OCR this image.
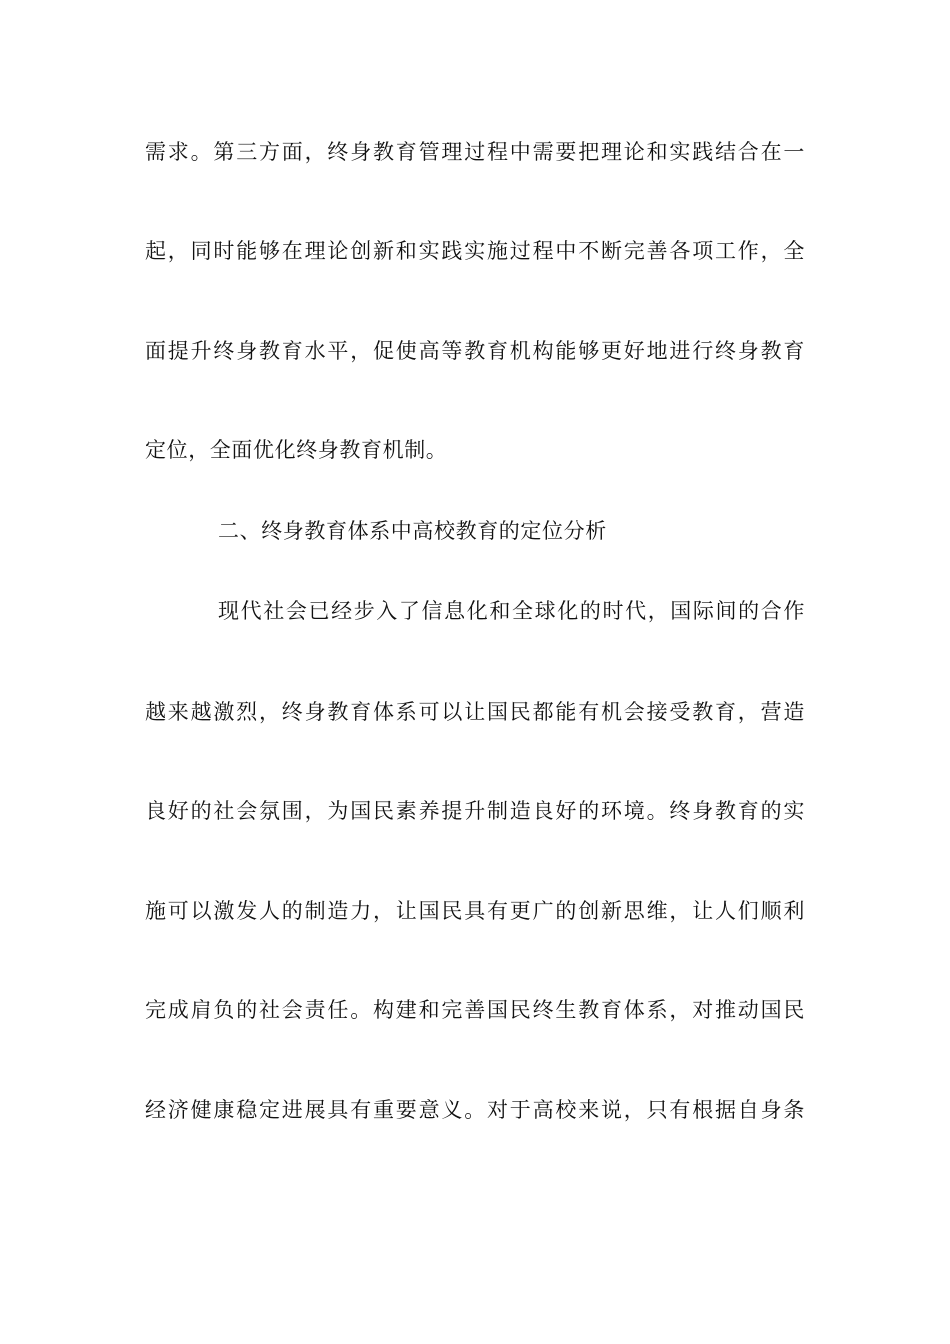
需求。第三方面，终身教育管理过程中需要把理论和实践结合在一
起，同时能够在理论创新和实践实施过程中不断完善各项工作，全
面提升终身教育水平，促使高等教育机构能够更好地进行终身教育
定位，全面优化终身教育机制。
二、终身教育体系中高校教育的定位分析
现代社会已经步入了信息化和全球化的时代，国际间的合作
越来越激烈，终身教育体系可以让国民都能有机会接受教育，营造
良好的社会氛围，为国民素养提升制造良好的环境。终身教育的实
施可以激发人的制造力，让国民具有更广的创新思维，让人们顺利
完成肩负的社会责任。构建和完善国民终生教育体系，对推动国民
经济健康稳定进展具有重要意义。对于高校来说，只有根据自身条
